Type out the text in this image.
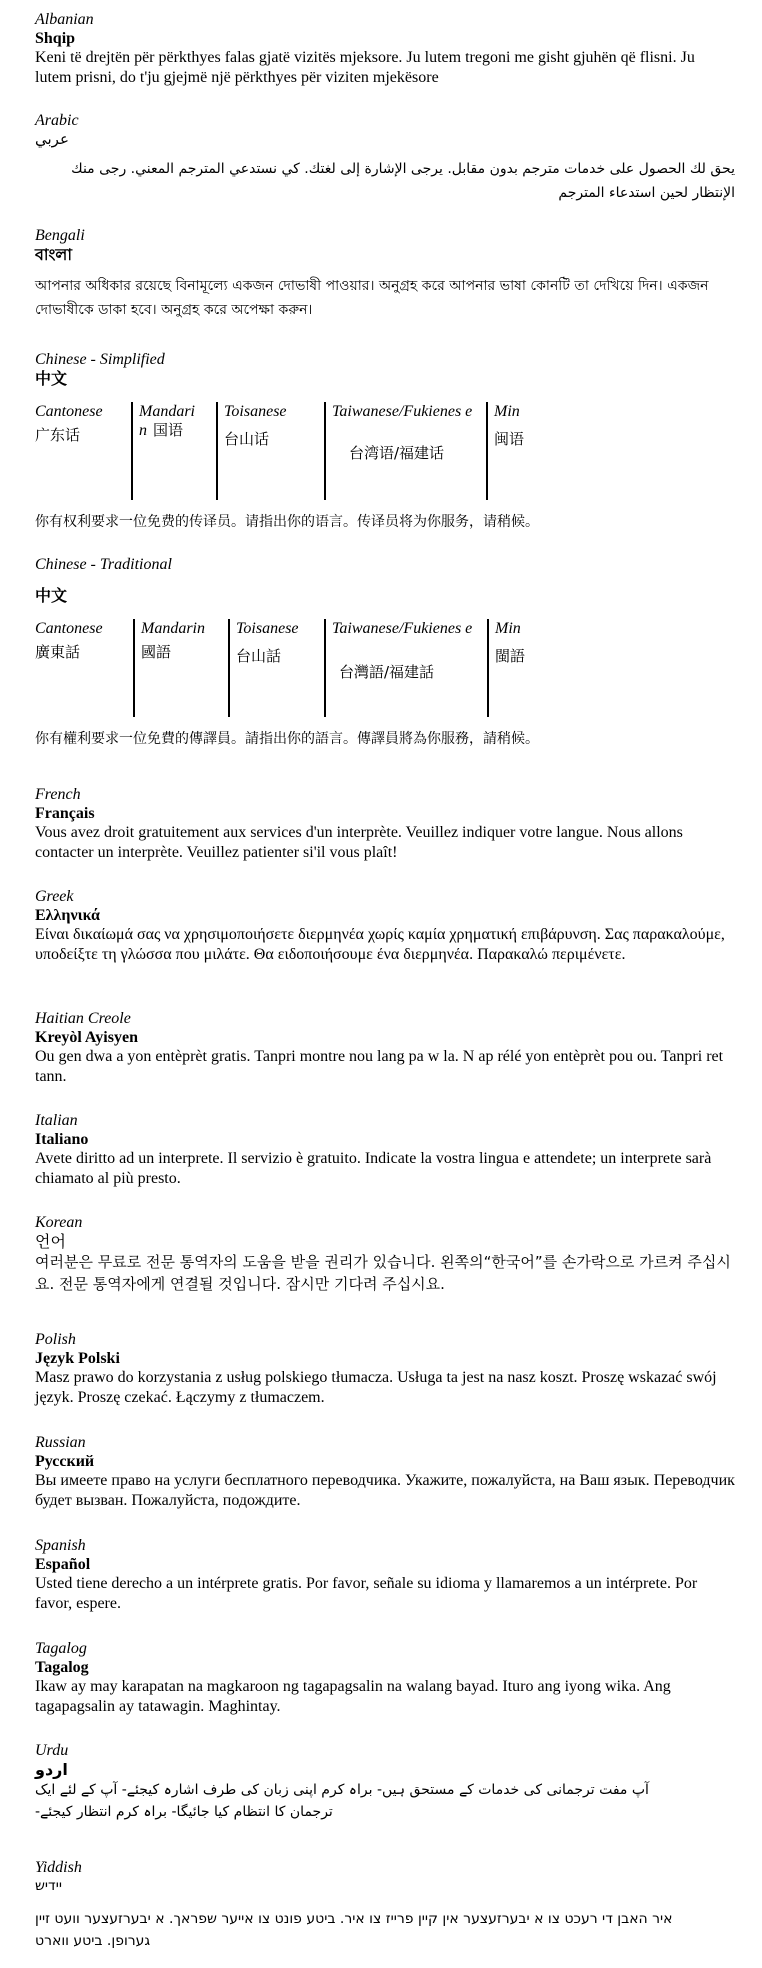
Albanian
Shqip
Keni të drejtën për përkthyes falas gjatë vizitës mjeksore. Ju lutem tregoni me gisht gjuhën që flisni. Ju lutem prisni, do t'ju gjejmë një përkthyes për viziten mjekësore
Arabic
عربي
يحق لك الحصول على خدمات مترجم بدون مقابل. يرجى الإشارة إلى لغتك. كي نستدعي المترجم المعني. رجى منك الإنتظار لحين استدعاء المترجم
Bengali
বাংলা
আপনার অধিকার রয়েছে বিনামূল্যে একজন দোভাষী পাওয়ার। অনুগ্রহ করে আপনার ভাষা কোনটি তা দেখিয়ে দিন। একজন দোভাষীকে ডাকা হবে। অনুগ্রহ করে অপেক্ষা করুন।
Chinese - Simplified
中文
Cantonese
广东话
Mandari n 国语
Toisanese
台山话
Taiwanese/Fukienes e	Min
闽语
台湾语/福建话
你有权利要求一位免费的传译员。请指出你的语言。传译员将为你服务，请稍候。
Chinese - Traditional
中文
Cantonese
廣東話
Mandarin
國語
Toisanese
台山話
Taiwanese/Fukienes e	Min
閩語
台灣語/福建話
你有權利要求一位免費的傳譯員。請指出你的語言。傳譯員將為你服務，請稍候。
French
Français
Vous avez droit gratuitement aux services d'un interprète. Veuillez indiquer votre langue. Nous allons contacter un interprète. Veuillez patienter si'il vous plaît!
Greek
Ελληνικά
Είναι δικαίωμά σας να χρησιμοποιήσετε διερμηνέα χωρίς καμία χρηματική επιβάρυνση. Σας παρακαλούμε, υποδείξτε τη γλώσσα που μιλάτε. Θα ειδοποιήσουμε ένα διερμηνέα. Παρακαλώ περιμένετε.
Haitian Creole
Kreyòl Ayisyen
Ou gen dwa a yon entèprèt gratis. Tanpri montre nou lang pa w la. N ap rélé yon entèprèt pou ou. Tanpri ret tann.
Italian
Italiano
Avete diritto ad un interprete. Il servizio è gratuito. Indicate la vostra lingua e attendete; un interprete sarà chiamato al più presto.
Korean
언어
여러분은 무료로 전문 통역자의 도움을 받을 권리가 있습니다. 왼쪽의“한국어”를 손가락으로 가르켜 주십시요. 전문 통역자에게 연결될 것입니다. 잠시만 기다려 주십시요.
Polish
Język Polski
Masz prawo do korzystania z usług polskiego tłumacza. Usługa ta jest na nasz koszt. Proszę wskazać swój język. Proszę czekać. Łączymy z tłumaczem.
Russian
Русский
Вы имеете право на услуги бесплатного переводчика. Укажите, пожалуйста, на Ваш язык. Переводчик будет вызван. Пожалуйста, подождите.
Spanish
Español
Usted tiene derecho a un intérprete gratis. Por favor, señale su idioma y llamaremos a un intérprete. Por favor, espere.
Tagalog
Tagalog
Ikaw ay may karapatan na magkaroon ng tagapagsalin na walang bayad. Ituro ang iyong wika. Ang tagapagsalin ay tatawagin. Maghintay.
Urdu
اردو
آپ مفت ترجمانی کی خدمات کے مستحق ہیں- براہ کرم اپنی زبان کی طرف اشارہ کیجئے- آپ کے لئے ایک ترجمان کا انتظام کیا جائیگا- براہ کرم انتظار کیجئے-
Yiddish
יידיש
איר האבן די רעכט צו א יבערזעצער אין קיין פרייז צו איר. ביטע פונט צו אייער שפראך. א יבערזעצער וועט זיין גערופן. ביטע ווארט
